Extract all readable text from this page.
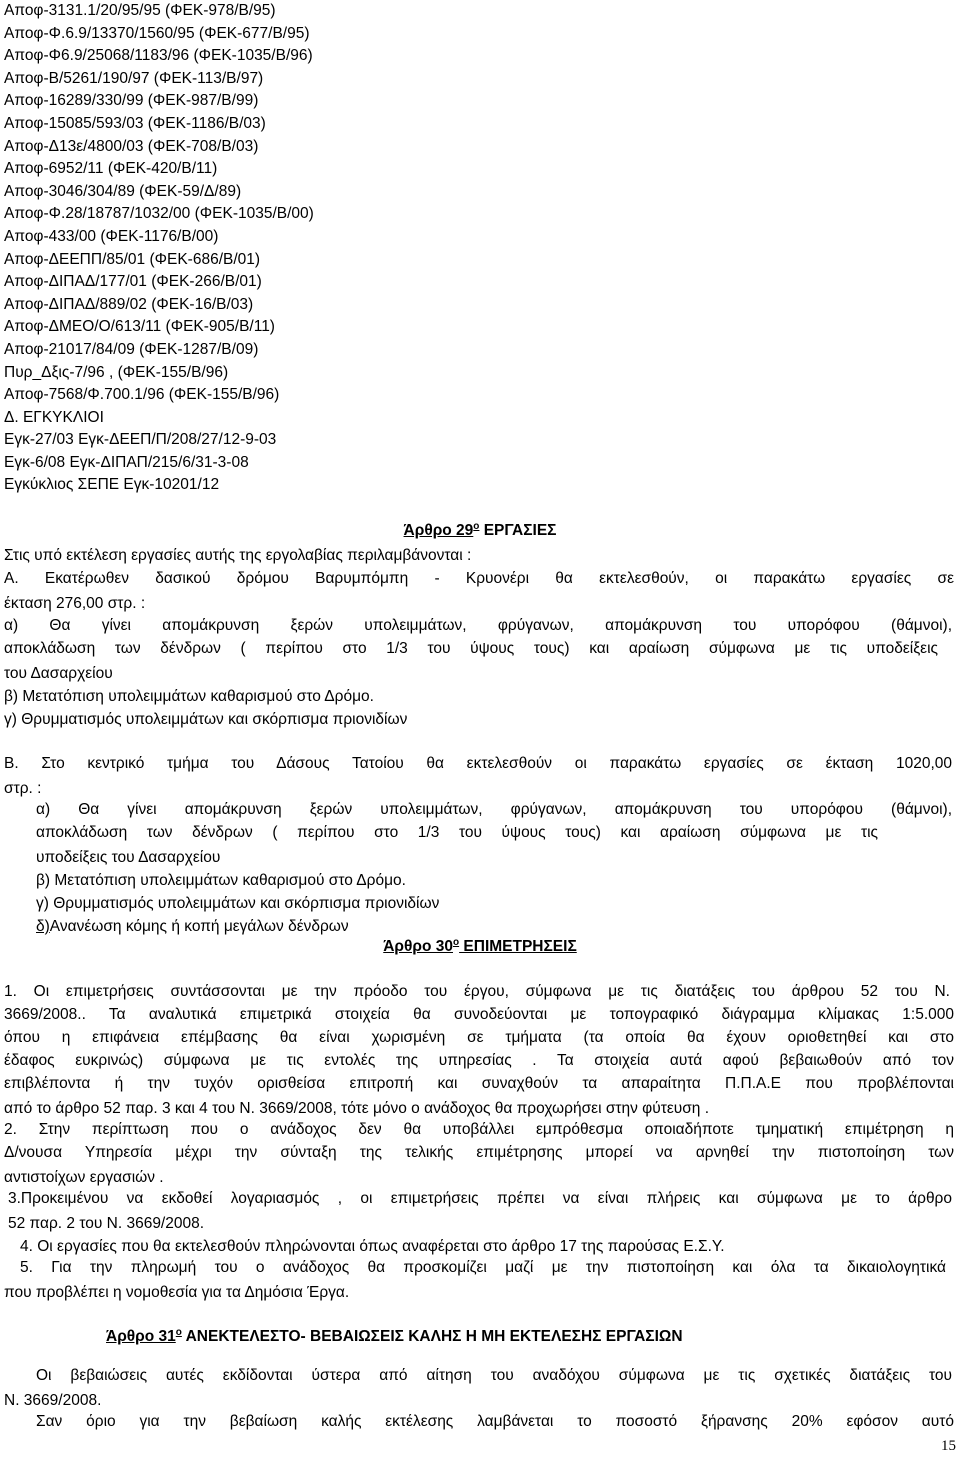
Αποφ-3131.1/20/95/95 (ΦΕΚ-978/Β/95)
Αποφ-Φ.6.9/13370/1560/95 (ΦΕΚ-677/Β/95)
Αποφ-Φ6.9/25068/1183/96 (ΦΕΚ-1035/Β/96)
Αποφ-Β/5261/190/97 (ΦΕΚ-113/Β/97)
Αποφ-16289/330/99 (ΦΕΚ-987/Β/99)
Αποφ-15085/593/03 (ΦΕΚ-1186/Β/03)
Αποφ-Δ13ε/4800/03 (ΦΕΚ-708/Β/03)
Αποφ-6952/11 (ΦΕΚ-420/Β/11)
Αποφ-3046/304/89 (ΦΕΚ-59/Δ/89)
Αποφ-Φ.28/18787/1032/00 (ΦΕΚ-1035/Β/00)
Αποφ-433/00 (ΦΕΚ-1176/Β/00)
Αποφ-ΔΕΕΠΠ/85/01 (ΦΕΚ-686/Β/01)
Αποφ-ΔΙΠΑΔ/177/01 (ΦΕΚ-266/Β/01)
Αποφ-ΔΙΠΑΔ/889/02 (ΦΕΚ-16/Β/03)
Αποφ-ΔΜΕΟ/Ο/613/11 (ΦΕΚ-905/Β/11)
Αποφ-21017/84/09 (ΦΕΚ-1287/Β/09)
Πυρ_Δξις-7/96 , (ΦΕΚ-155/Β/96)
Αποφ-7568/Φ.700.1/96 (ΦΕΚ-155/Β/96)
Δ. ΕΓΚΥΚΛΙΟΙ
Εγκ-27/03 Εγκ-ΔΕΕΠ/Π/208/27/12-9-03
Εγκ-6/08 Εγκ-ΔΙΠΑΠ/215/6/31-3-08
Εγκύκλιος ΣΕΠΕ Εγκ-10201/12
Άρθρο $29^o$ ΕΡΓΑΣΙΕΣ
Στις υπό εκτέλεση εργασίες αυτής της εργολαβίας περιλαμβάνονται :
Α. Εκατέρωθεν δασικού δρόμου Βαρυμπόμπη - Κρυονέρι θα εκτελεσθούν, οι παρακάτω εργασίες σε
έκταση 276,00 στρ. :
α) Θα γίνει απομάκρυνση ξερών υπολειμμάτων, φρύγανων, απομάκρυνση του υπορόφου (θάμνοι),
αποκλάδωση των δένδρων ( περίπου στο 1/3 του ύψους τους) και αραίωση σύμφωνα με τις υποδείξεις
του Δασαρχείου
β) Μετατόπιση υπολειμμάτων καθαρισμού στο Δρόμο.
γ) Θρυμματισμός υπολειμμάτων και σκόρπισμα πριονιδίων
Β. Στο κεντρικό τμήμα του Δάσους Τατοίου θα εκτελεσθούν οι παρακάτω εργασίες σε έκταση 1020,00
στρ. :
α) Θα γίνει απομάκρυνση ξερών υπολειμμάτων, φρύγανων, απομάκρυνση του υπορόφου (θάμνοι),
αποκλάδωση των δένδρων ( περίπου στο 1/3 του ύψους τους) και αραίωση σύμφωνα με τις
υποδείξεις του Δασαρχείου
β) Μετατόπιση υπολειμμάτων καθαρισμού στο Δρόμο.
γ) Θρυμματισμός υπολειμμάτων και σκόρπισμα πριονιδίων
δ)Ανανέωση κόμης ή κοπή μεγάλων δένδρων
Άρθρο $30^o$ ΕΠΙΜΕΤΡΗΣΕΙΣ
1. Οι επιμετρήσεις συντάσσονται με την πρόοδο του έργου, σύμφωνα με τις διατάξεις του άρθρου 52 του Ν.
3669/2008.. Τα αναλυτικά επιμετρικά στοιχεία θα συνοδεύονται με τοπογραφικό διάγραμμα κλίμακας 1:5.000
όπου η επιφάνεια επέμβασης θα είναι χωρισμένη σε τμήματα (τα οποία θα έχουν οριοθετηθεί και στο
έδαφος ευκρινώς) σύμφωνα με τις εντολές της υπηρεσίας . Τα στοιχεία αυτά αφού βεβαιωθούν από τον
επιβλέποντα ή την τυχόν ορισθείσα επιτροπή και συναχθούν τα απαραίτητα Π.Π.Α.Ε που προβλέπονται
από το άρθρο 52 παρ. 3 και 4 του Ν. 3669/2008, τότε μόνο ο ανάδοχος θα προχωρήσει στην φύτευση .
2. Στην περίπτωση που ο ανάδοχος δεν θα υποβάλλει εμπρόθεσμα οποιαδήποτε τμηματική επιμέτρηση η
Δ/νουσα Υπηρεσία μέχρι την σύνταξη της τελικής επιμέτρησης μπορεί να αρνηθεί την πιστοποίηση των
αντιστοίχων εργασιών .
3.Προκειμένου να εκδοθεί λογαριασμός , οι επιμετρήσεις πρέπει να είναι πλήρεις και σύμφωνα με το άρθρο
52 παρ. 2 του Ν. 3669/2008.
4. Οι εργασίες που θα εκτελεσθούν πληρώνονται όπως αναφέρεται στο άρθρο 17 της παρούσας Ε.Σ.Υ.
5. Για την πληρωμή του ο ανάδοχος θα προσκομίζει μαζί με την πιστοποίηση και όλα τα δικαιολογητικά
που προβλέπει η νομοθεσία για τα Δημόσια Έργα.
Άρθρο $31^o$ ΑΝΕΚΤΕΛΕΣΤΟ- ΒΕΒΑΙΩΣΕΙΣ ΚΑΛΗΣ Η ΜΗ ΕΚΤΕΛΕΣΗΣ ΕΡΓΑΣΙΩΝ
Οι βεβαιώσεις αυτές εκδίδονται ύστερα από αίτηση του αναδόχου σύμφωνα με τις σχετικές διατάξεις του
Ν. 3669/2008.
Σαν όριο για την βεβαίωση καλής εκτέλεσης λαμβάνεται το ποσοστό ξήρανσης 20% εφόσον αυτό
15
